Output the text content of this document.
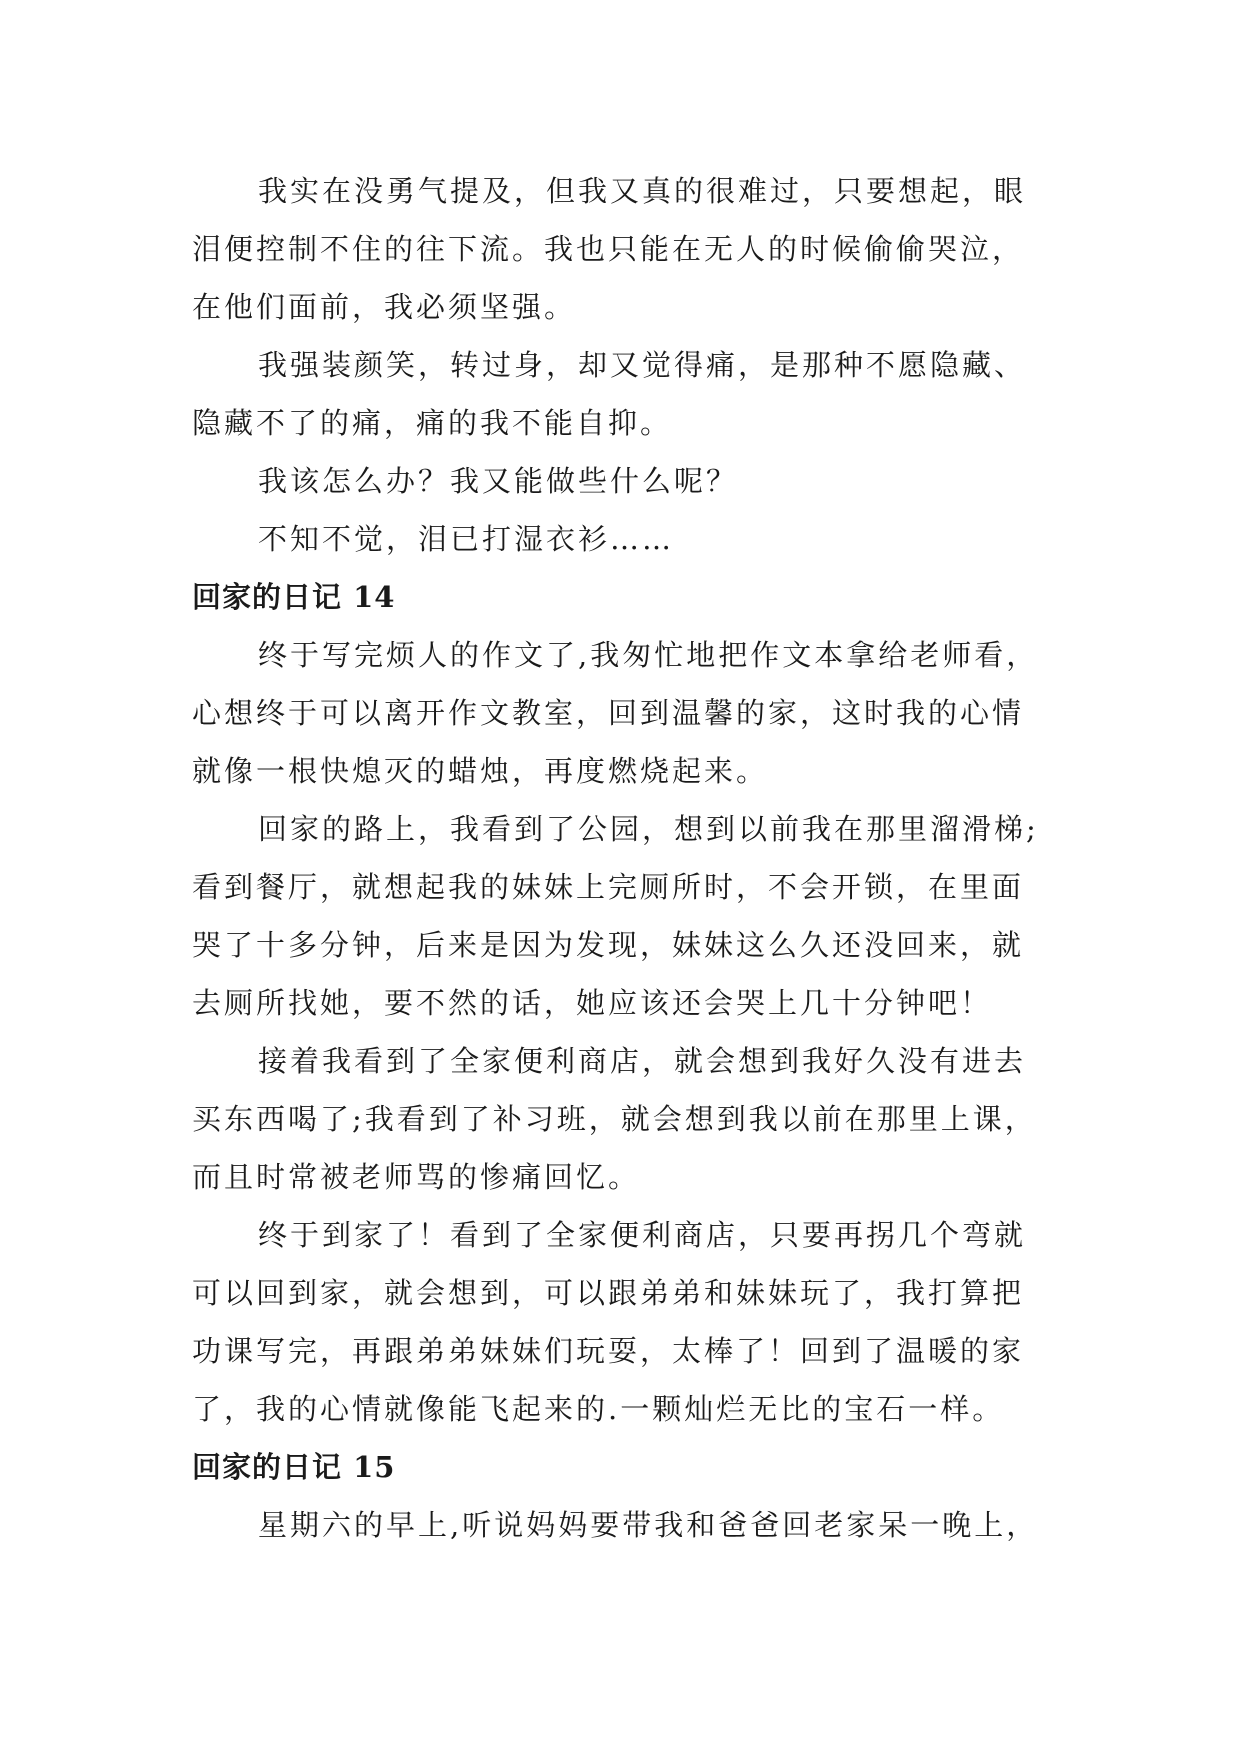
我实在没勇气提及，但我又真的很难过，只要想起，眼
泪便控制不住的往下流。我也只能在无人的时候偷偷哭泣，
在他们面前，我必须坚强。

我强装颜笑，转过身，却又觉得痛，是那种不愿隐藏、
隐藏不了的痛，痛的我不能自抑。

我该怎么办？我又能做些什么呢？

不知不觉，泪已打湿衣衫……

回家的日记 14

终于写完烦人的作文了,我匆忙地把作文本拿给老师看，
心想终于可以离开作文教室，回到温馨的家，这时我的心情
就像一根快熄灭的蜡烛，再度燃烧起来。

回家的路上，我看到了公园，想到以前我在那里溜滑梯;
看到餐厅，就想起我的妹妹上完厕所时，不会开锁，在里面
哭了十多分钟，后来是因为发现，妹妹这么久还没回来，就
去厕所找她，要不然的话，她应该还会哭上几十分钟吧！

接着我看到了全家便利商店，就会想到我好久没有进去
买东西喝了;我看到了补习班，就会想到我以前在那里上课，
而且时常被老师骂的惨痛回忆。

终于到家了！看到了全家便利商店，只要再拐几个弯就
可以回到家，就会想到，可以跟弟弟和妹妹玩了，我打算把
功课写完，再跟弟弟妹妹们玩耍，太棒了！回到了温暖的家
了，我的心情就像能飞起来的.一颗灿烂无比的宝石一样。

回家的日记 15

星期六的早上,听说妈妈要带我和爸爸回老家呆一晚上，
